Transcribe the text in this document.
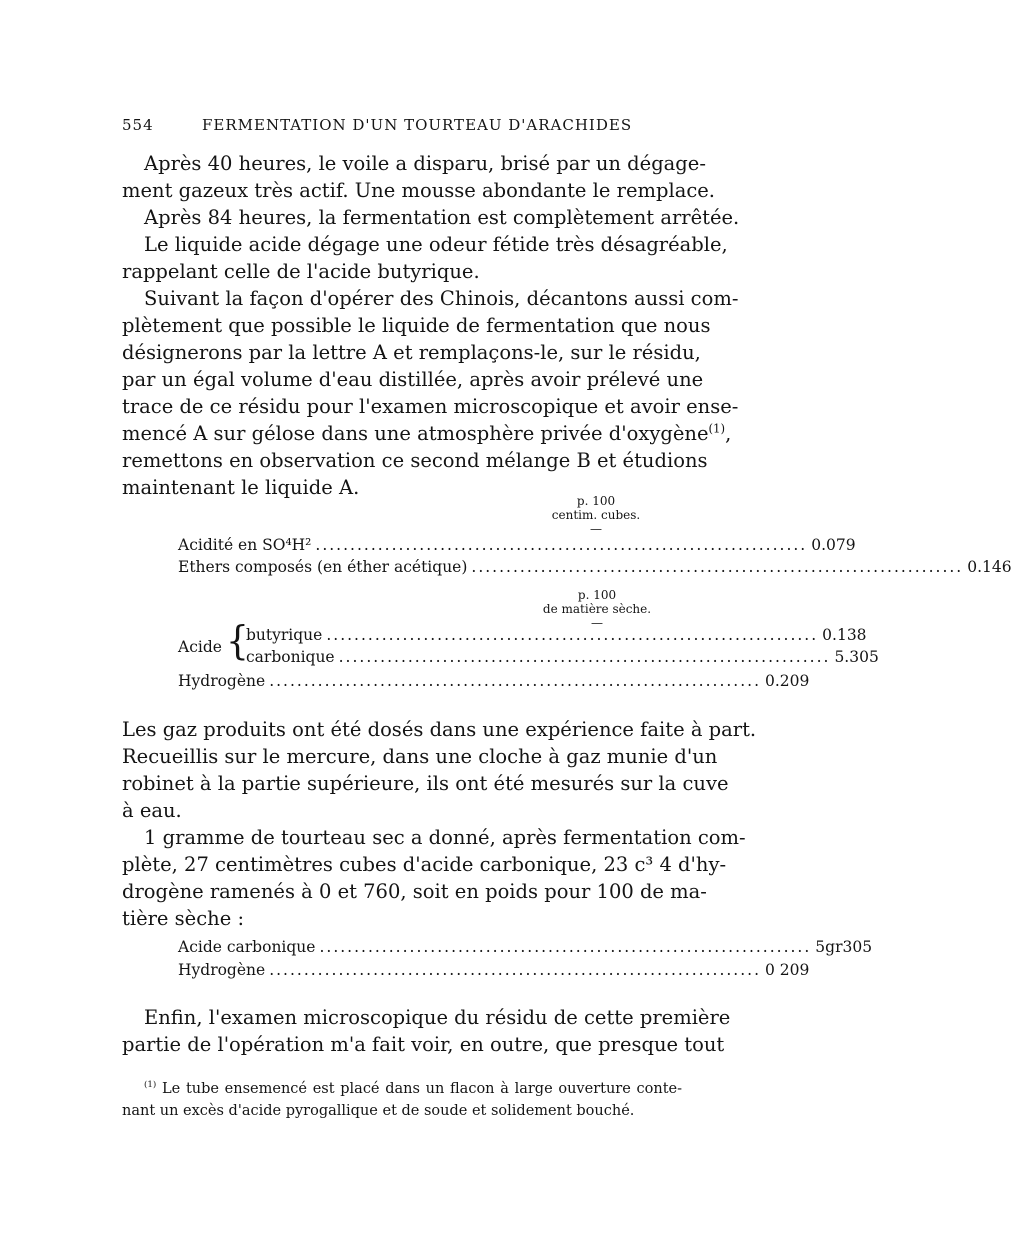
554	FERMENTATION D'UN TOURTEAU D'ARACHIDES
Après 40 heures, le voile a disparu, brisé par un dégage-
ment gazeux très actif. Une mousse abondante le remplace.
Après 84 heures, la fermentation est complètement arrêtée.
Le liquide acide dégage une odeur fétide très désagréable,
rappelant celle de l'acide butyrique.
Suivant la façon d'opérer des Chinois, décantons aussi com-
plètement que possible le liquide de fermentation que nous
désignerons par la lettre A et remplaçons-le, sur le résidu,
par un égal volume d'eau distillée, après avoir prélevé une
trace de ce résidu pour l'examen microscopique et avoir ense-
mencé A sur gélose dans une atmosphère privée d'oxygène$^{(1)}$,
remettons en observation ce second mélange B et étudions
maintenant le liquide A.
p. 100
centim. cubes.
—
Acidité en SO⁴H² ....................................................................... 0.079
Ethers composés (en éther acétique) ....................................................................... 0.146
p. 100
de matière sèche.
—
Acide {
butyrique ....................................................................... 0.138
carbonique ....................................................................... 5.305
Hydrogène ....................................................................... 0.209
Les gaz produits ont été dosés dans une expérience faite à part.
Recueillis sur le mercure, dans une cloche à gaz munie d'un
robinet à la partie supérieure, ils ont été mesurés sur la cuve
à eau.
1 gramme de tourteau sec a donné, après fermentation com-
plète, 27 centimètres cubes d'acide carbonique, 23 c³ 4 d'hy-
drogène ramenés à 0 et 760, soit en poids pour 100 de ma-
tière sèche :
Acide carbonique ....................................................................... 5gr305
Hydrogène ....................................................................... 0 209
Enfin, l'examen microscopique du résidu de cette première
partie de l'opération m'a fait voir, en outre, que presque tout
$^{(1)}$ Le tube ensemencé est placé dans un flacon à large ouverture conte-
nant un excès d'acide pyrogallique et de soude et solidement bouché.
